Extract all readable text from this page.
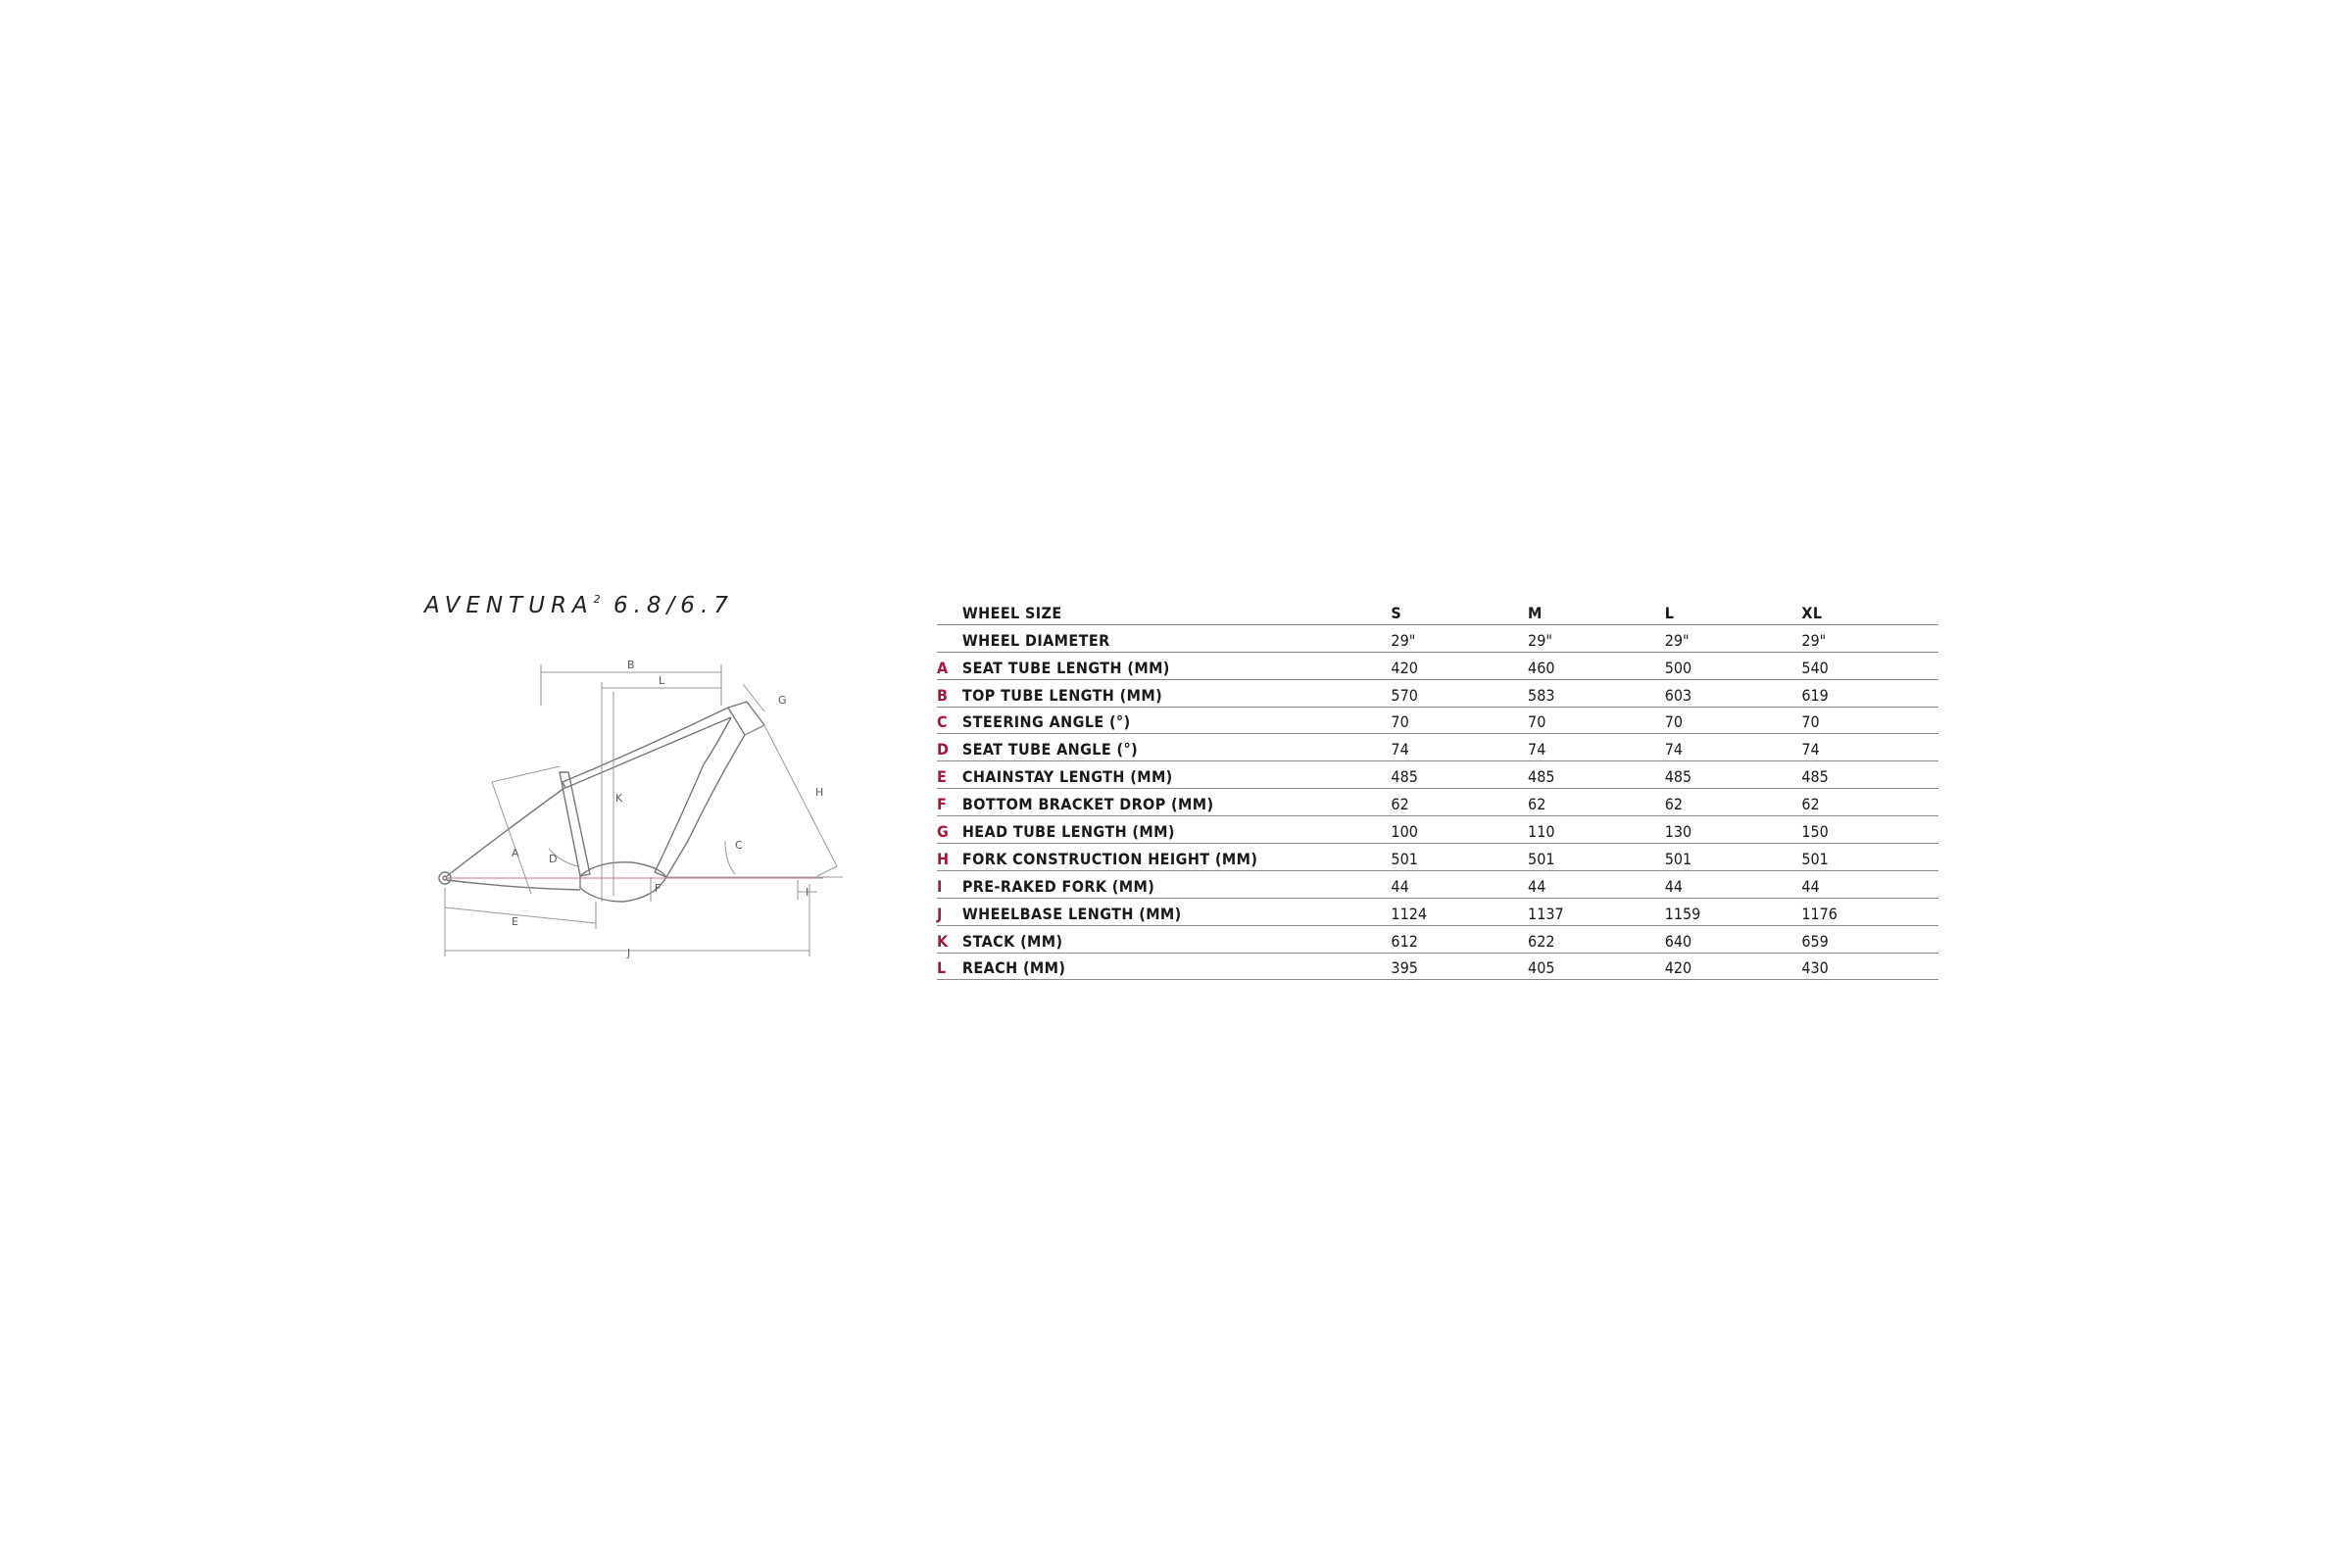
AVENTURA$^2$ 6.8/6.7
B
L
G
K	H
C
A	D
F
E
J
I
	WHEEL SIZE	S	M	L	XL
	WHEEL DIAMETER	29"	29"	29"	29"
A	SEAT TUBE LENGTH (MM)	420	460	500	540
B	TOP TUBE LENGTH (MM)	570	583	603	619
C	STEERING ANGLE (°)	70	70	70	70
D	SEAT TUBE ANGLE (°)	74	74	74	74
E	CHAINSTAY LENGTH (MM)	485	485	485	485
F	BOTTOM BRACKET DROP (MM)	62	62	62	62
G	HEAD TUBE LENGTH (MM)	100	110	130	150
H	FORK CONSTRUCTION HEIGHT (MM)	501	501	501	501
I	PRE-RAKED FORK (MM)	44	44	44	44
J	WHEELBASE LENGTH (MM)	1124	1137	1159	1176
K	STACK (MM)	612	622	640	659
L	REACH (MM)	395	405	420	430
